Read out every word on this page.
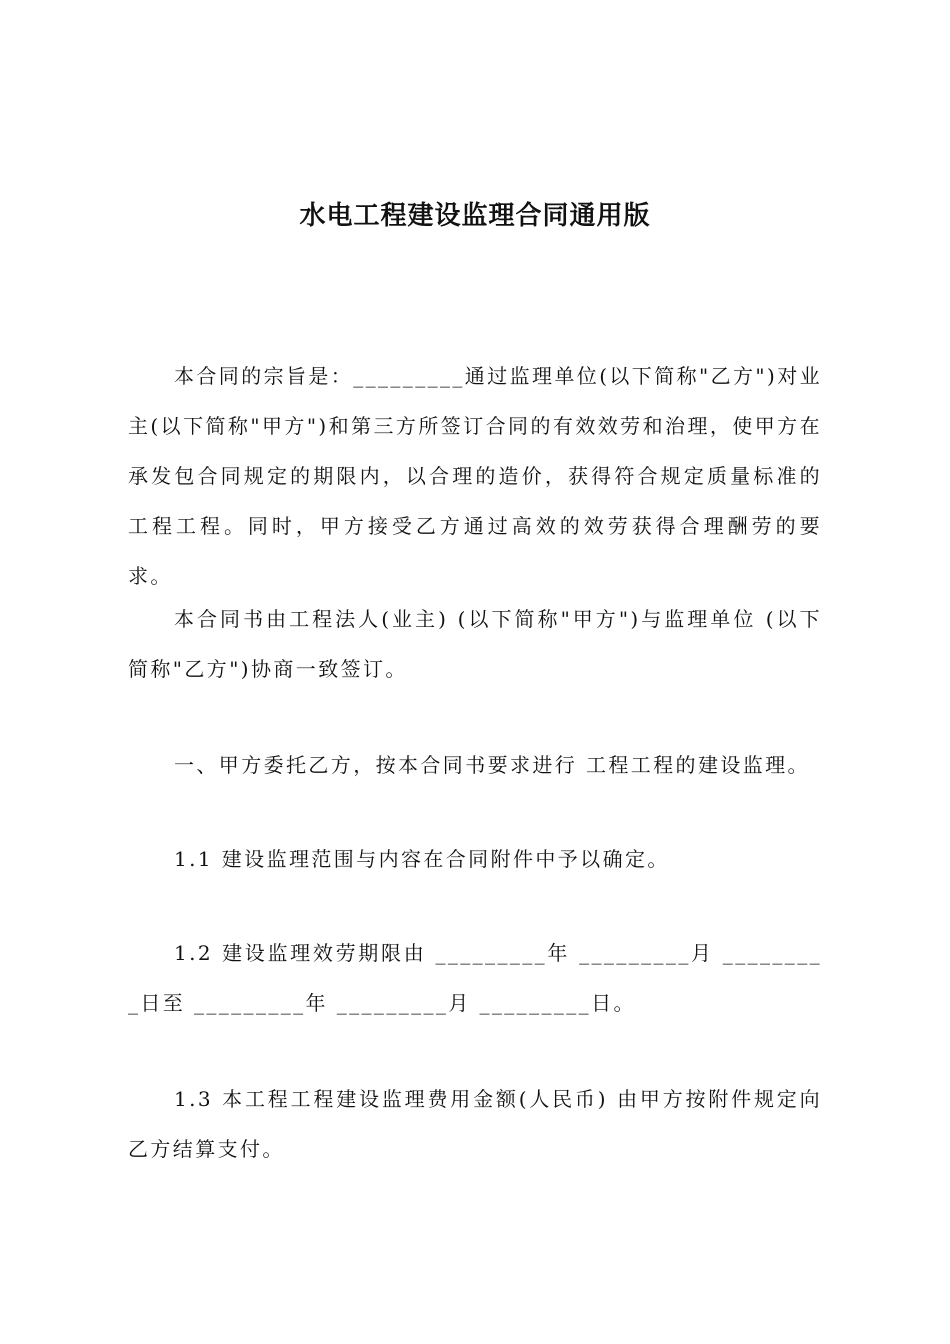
水电工程建设监理合同通用版

本合同的宗旨是：_________通过监理单位(以下简称"乙方")对业主(以下简称"甲方")和第三方所签订合同的有效效劳和治理，使甲方在承发包合同规定的期限内，以合理的造价，获得符合规定质量标准的工程工程。同时，甲方接受乙方通过高效的效劳获得合理酬劳的要求。

本合同书由工程法人(业主) (以下简称"甲方")与监理单位 (以下简称"乙方")协商一致签订。

一、甲方委托乙方，按本合同书要求进行 工程工程的建设监理。

1.1 建设监理范围与内容在合同附件中予以确定。

1.2 建设监理效劳期限由 _________年 _________月 _________日至 _________年 _________月 _________日。

1.3 本工程工程建设监理费用金额(人民币) 由甲方按附件规定向乙方结算支付。
